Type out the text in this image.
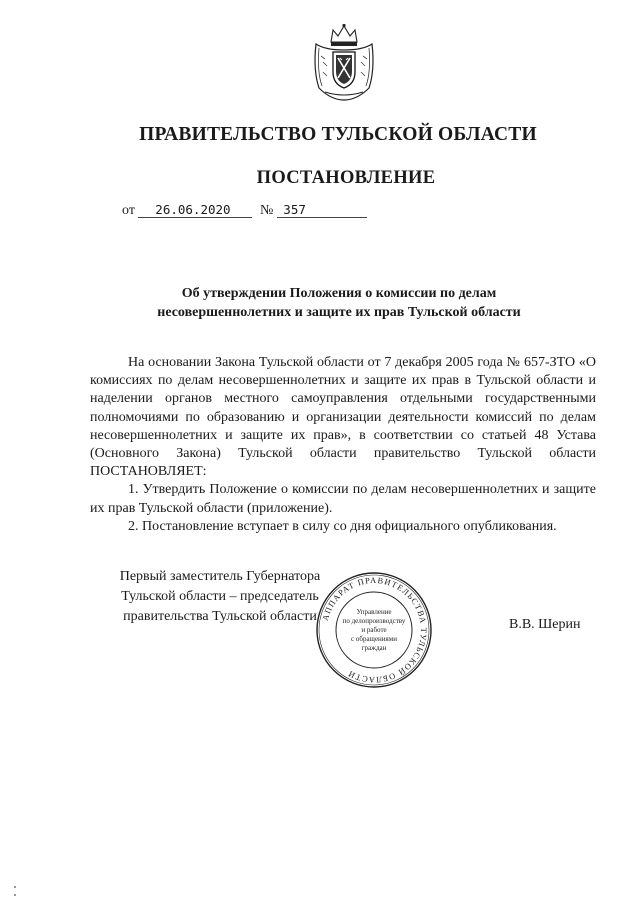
ПРАВИТЕЛЬСТВО ТУЛЬСКОЙ ОБЛАСТИ
ПОСТАНОВЛЕНИЕ
от 26.06.2020 № 357
Об утверждении Положения о комиссии по делам
несовершеннолетних и защите их прав Тульской области

На основании Закона Тульской области от 7 декабря 2005 года № 657-ЗТО «О комиссиях по делам несовершеннолетних и защите их прав в Тульской области и наделении органов местного самоуправления отдельными государственными полномочиями по образованию и организации деятельности комиссий по делам несовершеннолетних и защите их прав», в соответствии со статьей 48 Устава (Основного Закона) Тульской области правительство Тульской области ПОСТАНОВЛЯЕТ:

1. Утвердить Положение о комиссии по делам несовершеннолетних и защите их прав Тульской области (приложение).

2. Постановление вступает в силу со дня официального опубликования.

Первый заместитель Губернатора
Тульской области – председатель
правительства Тульской области
В.В. Шерин
АППАРАТ ПРАВИТЕЛЬСТВА ТУЛЬСКОЙ ОБЛАСТИ
Управление
по делопроизводству
и работе
с обращениями
граждан
